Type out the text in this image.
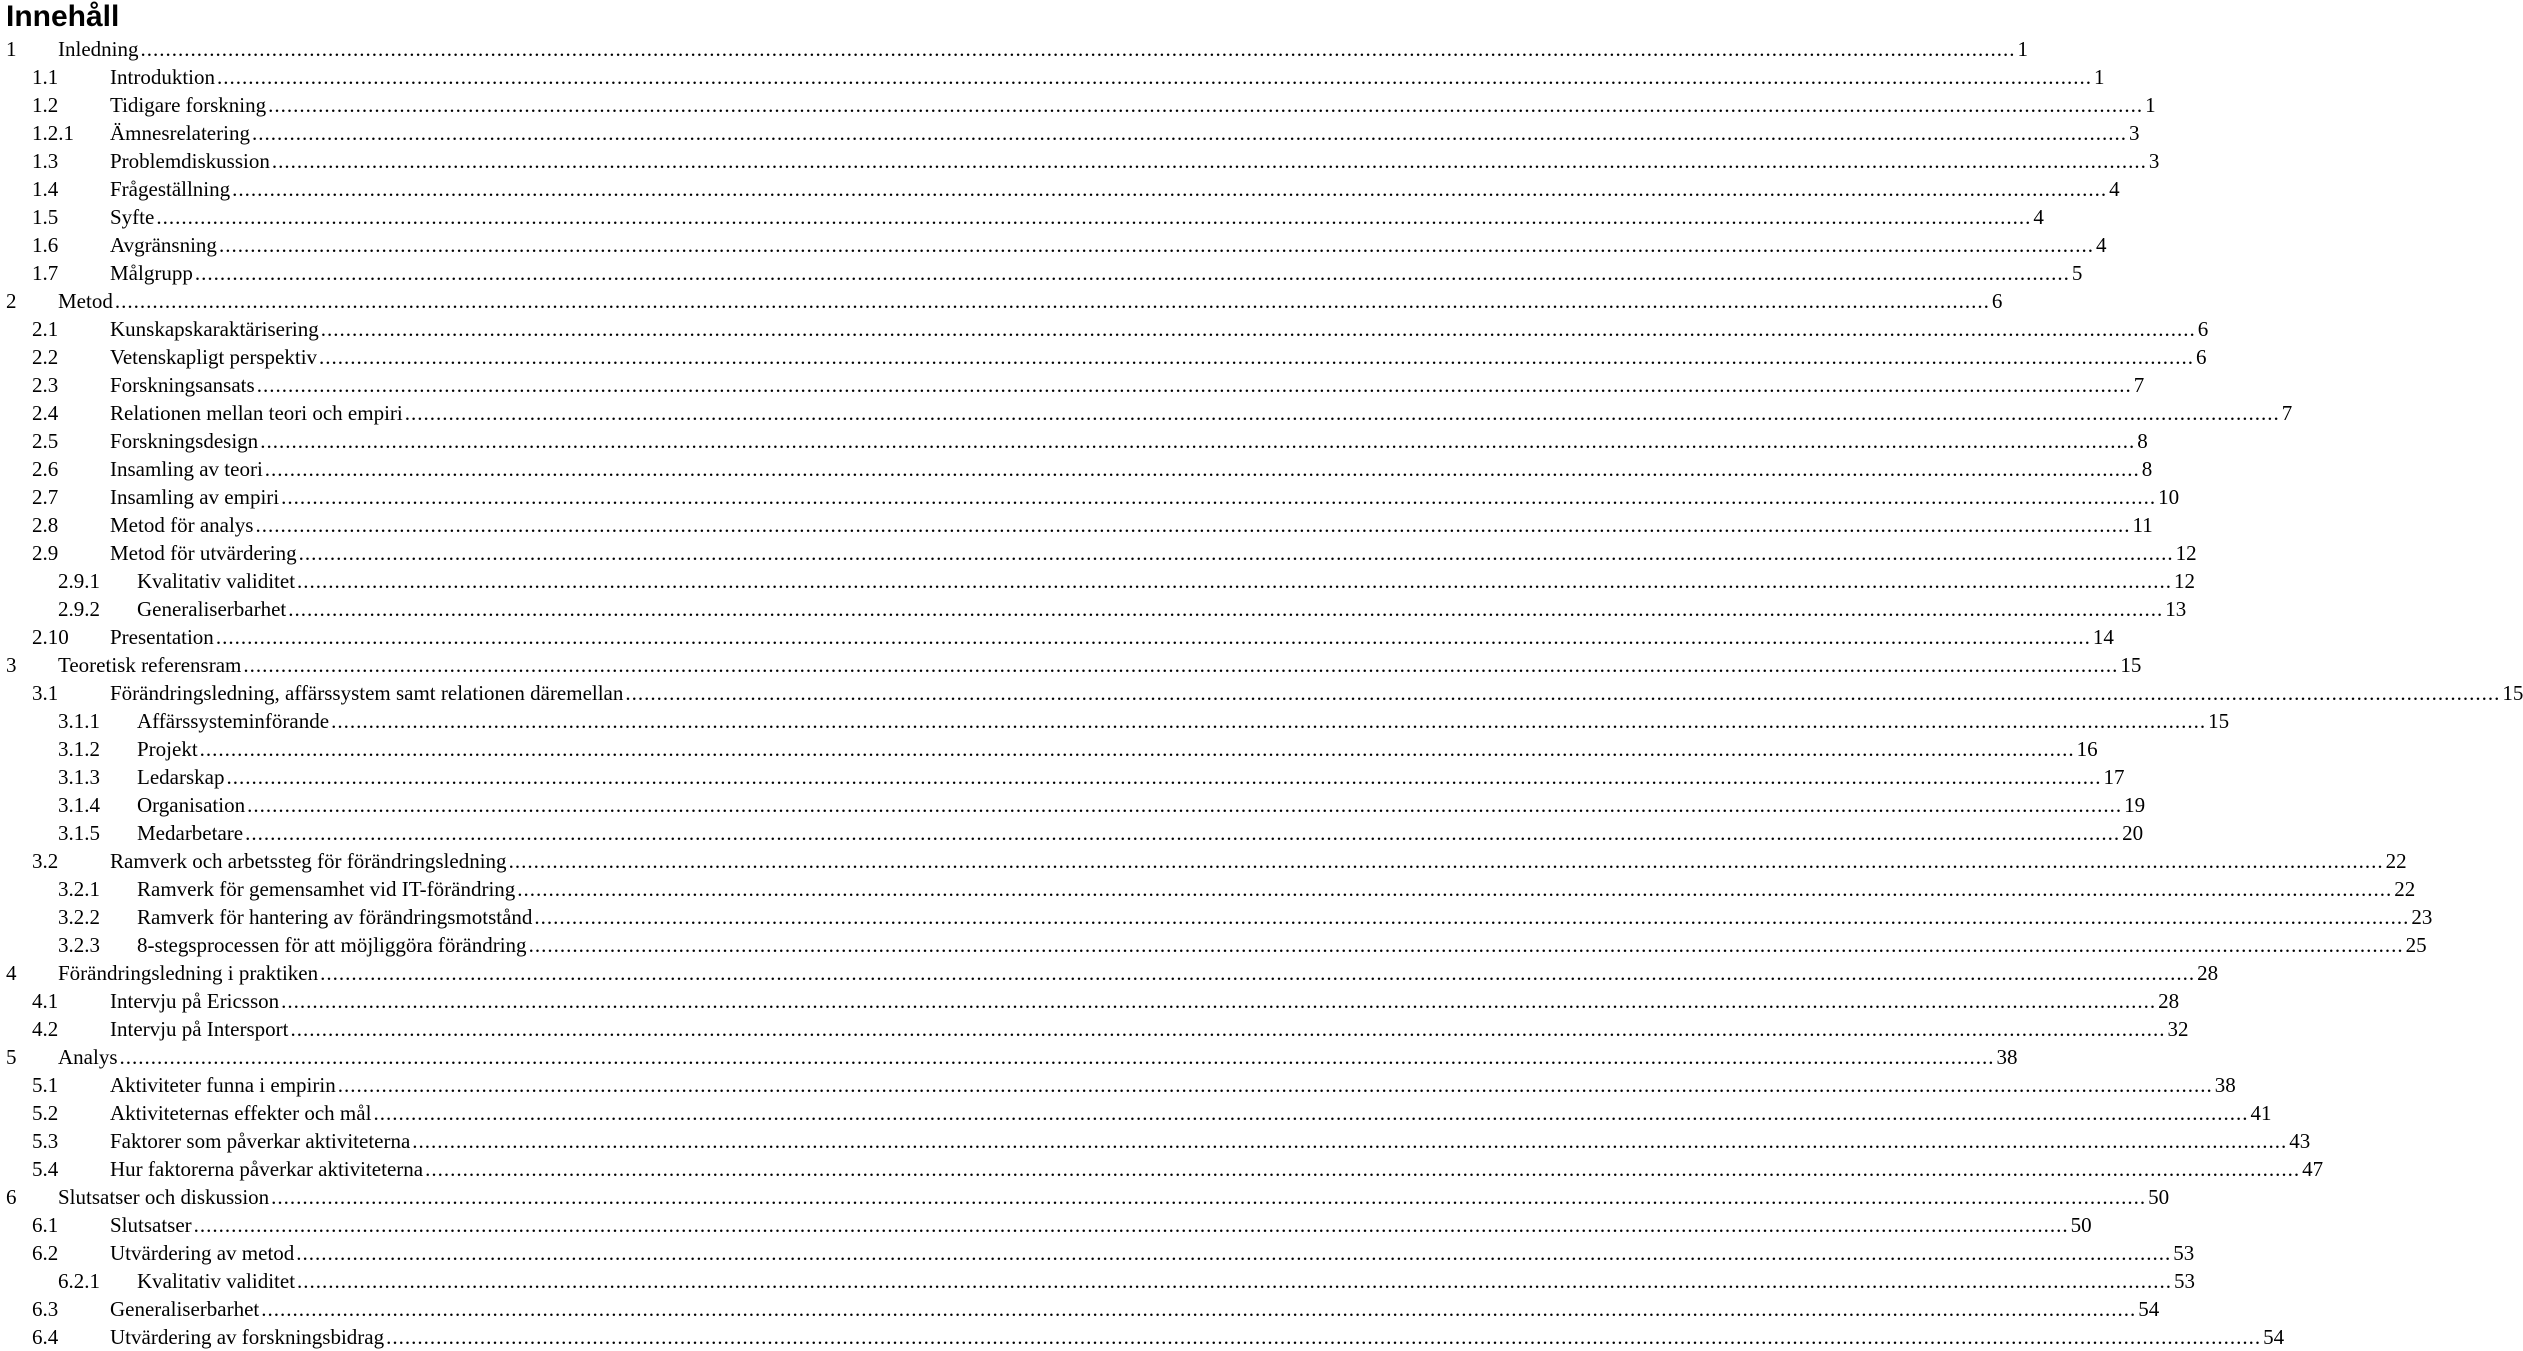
Innehåll
1 Inledning ............................................................................................................................................................................................................................................................................................................ 1
1.1 Introduktion ............................................................................................................................................................................................................................................................................................................ 1
1.2 Tidigare forskning ............................................................................................................................................................................................................................................................................................................ 1
1.2.1 Ämnesrelatering ............................................................................................................................................................................................................................................................................................................ 3
1.3 Problemdiskussion ............................................................................................................................................................................................................................................................................................................ 3
1.4 Frågeställning ............................................................................................................................................................................................................................................................................................................ 4
1.5 Syfte ............................................................................................................................................................................................................................................................................................................ 4
1.6 Avgränsning ............................................................................................................................................................................................................................................................................................................ 4
1.7 Målgrupp ............................................................................................................................................................................................................................................................................................................ 5
2 Metod ............................................................................................................................................................................................................................................................................................................ 6
2.1 Kunskapskaraktärisering ............................................................................................................................................................................................................................................................................................................ 6
2.2 Vetenskapligt perspektiv ............................................................................................................................................................................................................................................................................................................ 6
2.3 Forskningsansats ............................................................................................................................................................................................................................................................................................................ 7
2.4 Relationen mellan teori och empiri ............................................................................................................................................................................................................................................................................................................ 7
2.5 Forskningsdesign ............................................................................................................................................................................................................................................................................................................ 8
2.6 Insamling av teori ............................................................................................................................................................................................................................................................................................................ 8
2.7 Insamling av empiri ............................................................................................................................................................................................................................................................................................................ 10
2.8 Metod för analys ............................................................................................................................................................................................................................................................................................................ 11
2.9 Metod för utvärdering ............................................................................................................................................................................................................................................................................................................ 12
2.9.1 Kvalitativ validitet ............................................................................................................................................................................................................................................................................................................ 12
2.9.2 Generaliserbarhet ............................................................................................................................................................................................................................................................................................................ 13
2.10 Presentation ............................................................................................................................................................................................................................................................................................................ 14
3 Teoretisk referensram ............................................................................................................................................................................................................................................................................................................ 15
3.1 Förändringsledning, affärssystem samt relationen däremellan ............................................................................................................................................................................................................................................................................................................ 15
3.1.1 Affärssysteminförande ............................................................................................................................................................................................................................................................................................................ 15
3.1.2 Projekt ............................................................................................................................................................................................................................................................................................................ 16
3.1.3 Ledarskap ............................................................................................................................................................................................................................................................................................................ 17
3.1.4 Organisation ............................................................................................................................................................................................................................................................................................................ 19
3.1.5 Medarbetare ............................................................................................................................................................................................................................................................................................................ 20
3.2 Ramverk och arbetssteg för förändringsledning ............................................................................................................................................................................................................................................................................................................ 22
3.2.1 Ramverk för gemensamhet vid IT-förändring ............................................................................................................................................................................................................................................................................................................ 22
3.2.2 Ramverk för hantering av förändringsmotstånd ............................................................................................................................................................................................................................................................................................................ 23
3.2.3 8-stegsprocessen för att möjliggöra förändring ............................................................................................................................................................................................................................................................................................................ 25
4 Förändringsledning i praktiken ............................................................................................................................................................................................................................................................................................................ 28
4.1 Intervju på Ericsson ............................................................................................................................................................................................................................................................................................................ 28
4.2 Intervju på Intersport ............................................................................................................................................................................................................................................................................................................ 32
5 Analys ............................................................................................................................................................................................................................................................................................................ 38
5.1 Aktiviteter funna i empirin ............................................................................................................................................................................................................................................................................................................ 38
5.2 Aktiviteternas effekter och mål ............................................................................................................................................................................................................................................................................................................ 41
5.3 Faktorer som påverkar aktiviteterna ............................................................................................................................................................................................................................................................................................................ 43
5.4 Hur faktorerna påverkar aktiviteterna ............................................................................................................................................................................................................................................................................................................ 47
6 Slutsatser och diskussion ............................................................................................................................................................................................................................................................................................................ 50
6.1 Slutsatser ............................................................................................................................................................................................................................................................................................................ 50
6.2 Utvärdering av metod ............................................................................................................................................................................................................................................................................................................ 53
6.2.1 Kvalitativ validitet ............................................................................................................................................................................................................................................................................................................ 53
6.3 Generaliserbarhet ............................................................................................................................................................................................................................................................................................................ 54
6.4 Utvärdering av forskningsbidrag ............................................................................................................................................................................................................................................................................................................ 54
